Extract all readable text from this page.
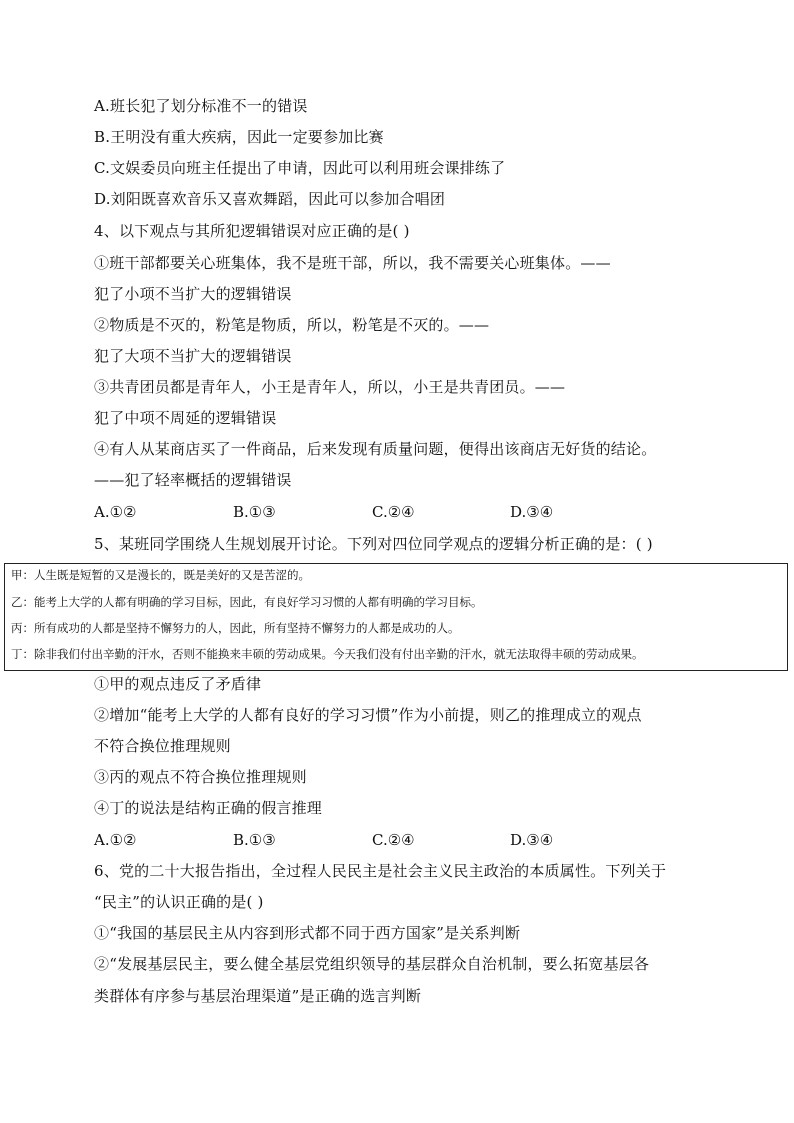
A.班长犯了划分标准不一的错误
B.王明没有重大疾病，因此一定要参加比赛
C.文娱委员向班主任提出了申请，因此可以利用班会课排练了
D.刘阳既喜欢音乐又喜欢舞蹈，因此可以参加合唱团
4、以下观点与其所犯逻辑错误对应正确的是( )
①班干部都要关心班集体，我不是班干部，所以，我不需要关心班集体。——
犯了小项不当扩大的逻辑错误
②物质是不灭的，粉笔是物质，所以，粉笔是不灭的。——
犯了大项不当扩大的逻辑错误
③共青团员都是青年人，小王是青年人，所以，小王是共青团员。——
犯了中项不周延的逻辑错误
④有人从某商店买了一件商品，后来发现有质量问题，便得出该商店无好货的结论。
——犯了轻率概括的逻辑错误
A.①②	B.①③	C.②④	D.③④
5、某班同学围绕人生规划展开讨论。下列对四位同学观点的逻辑分析正确的是：( )
甲：人生既是短暂的又是漫长的，既是美好的又是苦涩的。
乙：能考上大学的人都有明确的学习目标，因此，有良好学习习惯的人都有明确的学习目标。
丙：所有成功的人都是坚持不懈努力的人，因此，所有坚持不懈努力的人都是成功的人。
丁：除非我们付出辛勤的汗水，否则不能换来丰硕的劳动成果。今天我们没有付出辛勤的汗水，就无法取得丰硕的劳动成果。
①甲的观点违反了矛盾律
②增加“能考上大学的人都有良好的学习习惯”作为小前提，则乙的推理成立的观点
不符合换位推理规则
③丙的观点不符合换位推理规则
④丁的说法是结构正确的假言推理
A.①②	B.①③	C.②④	D.③④
6、党的二十大报告指出，全过程人民民主是社会主义民主政治的本质属性。下列关于
“民主”的认识正确的是( )
①“我国的基层民主从内容到形式都不同于西方国家”是关系判断
②“发展基层民主，要么健全基层党组织领导的基层群众自治机制，要么拓宽基层各
类群体有序参与基层治理渠道”是正确的选言判断
